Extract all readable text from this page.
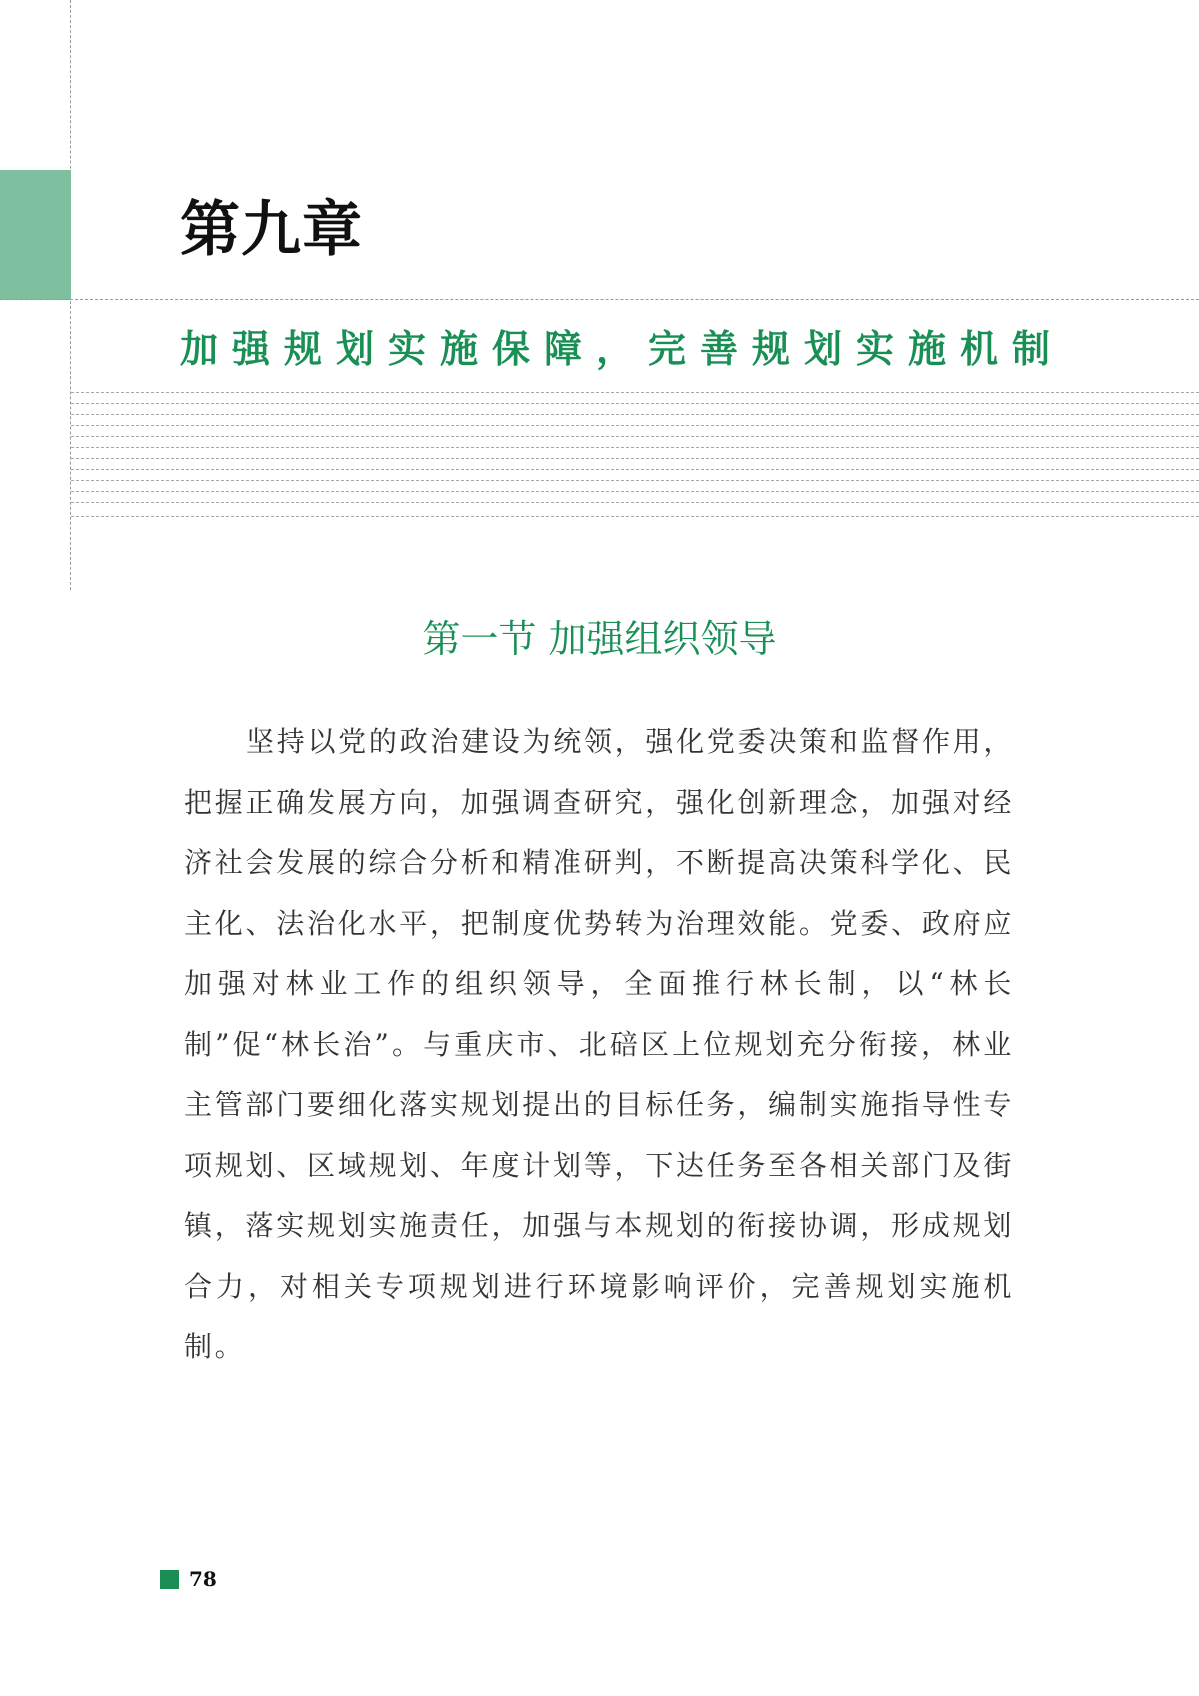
第九章
加强规划实施保障，完善规划实施机制
第一节 加强组织领导

坚持以党的政治建设为统领，强化党委决策和监督作用，把握正确发展方向，加强调查研究，强化创新理念，加强对经济社会发展的综合分析和精准研判，不断提高决策科学化、民主化、法治化水平，把制度优势转为治理效能。党委、政府应加强对林业工作的组织领导，全面推行林长制，以“林长制”促“林长治”。与重庆市、北碚区上位规划充分衔接，林业主管部门要细化落实规划提出的目标任务，编制实施指导性专项规划、区域规划、年度计划等，下达任务至各相关部门及街镇，落实规划实施责任，加强与本规划的衔接协调，形成规划合力，对相关专项规划进行环境影响评价，完善规划实施机制。

78
